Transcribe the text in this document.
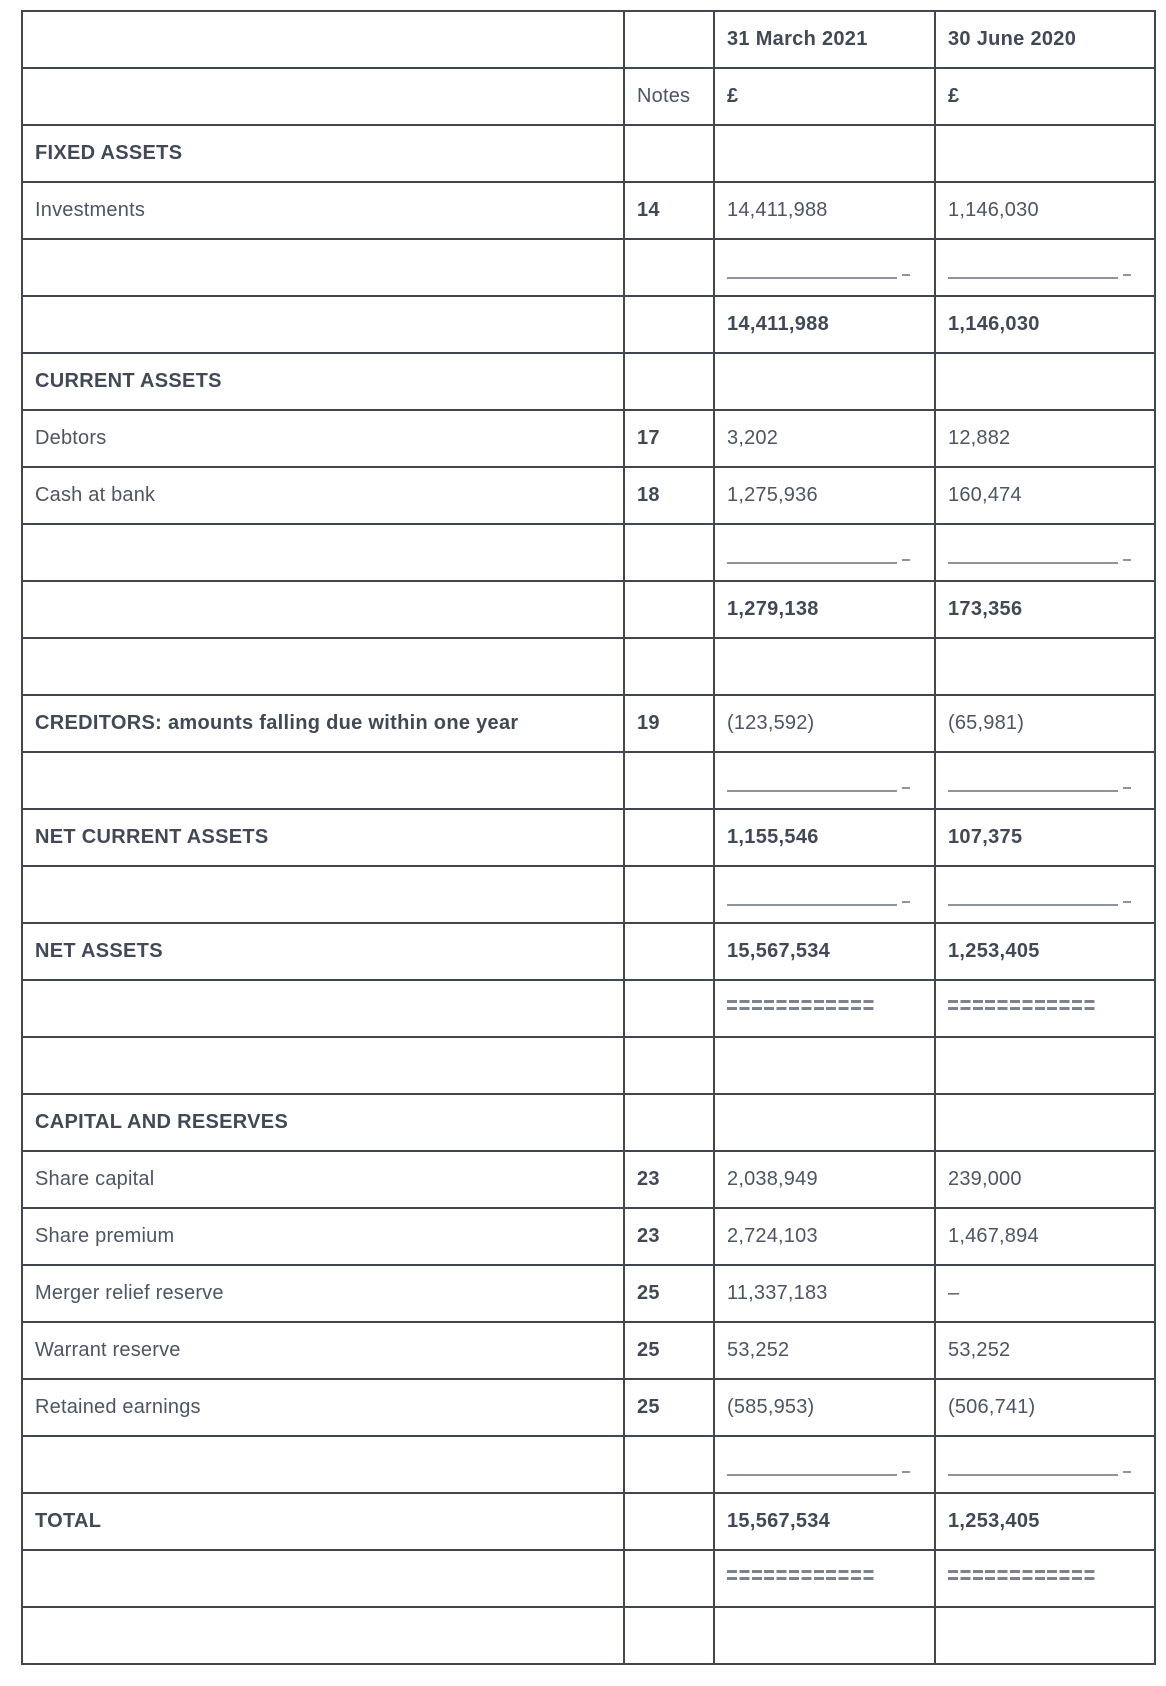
		31 March 2021	30 June 2020
	Notes	£	£
FIXED ASSETS			
Investments	14	14,411,988	1,146,030

		14,411,988	1,146,030
CURRENT ASSETS			
Debtors	17	3,202	12,882
Cash at bank	18	1,275,936	160,474

		1,279,138	173,356

CREDITORS: amounts falling due within one year	19	(123,592)	(65,981)

NET CURRENT ASSETS		1,155,546	107,375

NET ASSETS		15,567,534	1,253,405

CAPITAL AND RESERVES			
Share capital	23	2,038,949	239,000
Share premium	23	2,724,103	1,467,894
Merger relief reserve	25	11,337,183	–
Warrant reserve	25	53,252	53,252
Retained earnings	25	(585,953)	(506,741)

TOTAL		15,567,534	1,253,405
